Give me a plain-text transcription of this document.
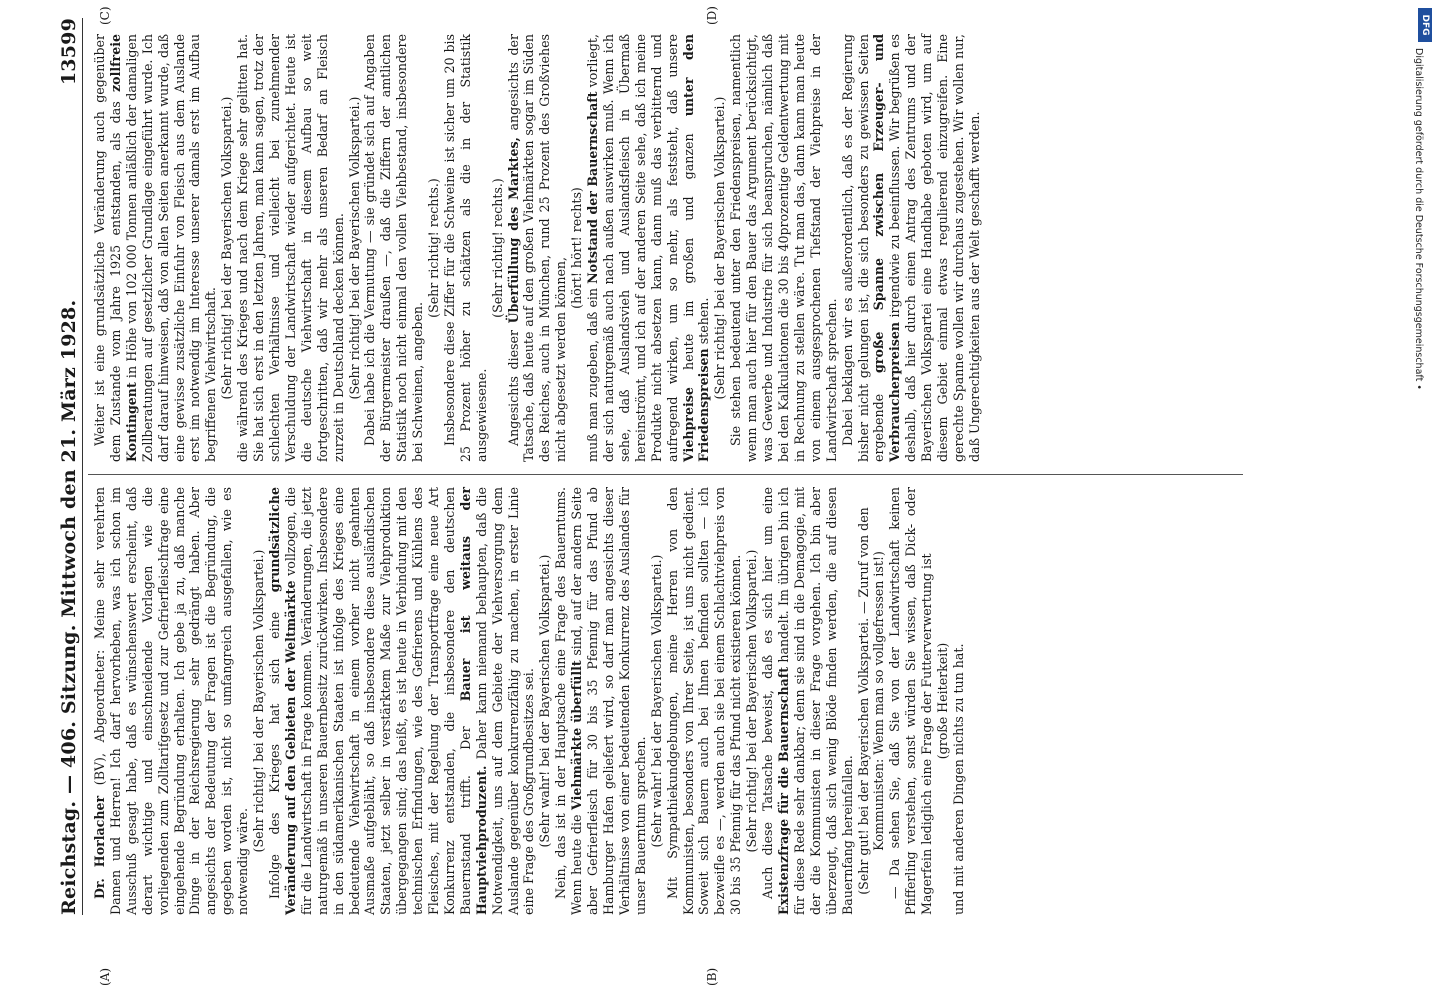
Reichstag. — 406. Sitzung. Mittwoch den 21. März 1928.
13599
(A)	(B)
(C)	(D)

Dr. Horlacher (BV), Abgeordneter: Meine sehr verehrten Damen und Herren! Ich darf hervorheben, was ich schon im Ausschuß gesagt habe, daß es wünschenswert erscheint, daß derart wichtige und einschneidende Vorlagen wie die vorliegenden zum Zolltarifgesetz und zur Gefrierfleischfrage eine eingehende Begründung erhalten. Ich gebe ja zu, daß manche Dinge in der Reichsregierung sehr gedrängt haben. Aber angesichts der Bedeutung der Fragen ist die Begründung, die gegeben worden ist, nicht so umfangreich ausgefallen, wie es notwendig wäre.

(Sehr richtig! bei der Bayerischen Volkspartei.) Infolge des Krieges hat sich eine grundsätzliche Veränderung auf den Gebieten der Weltmärkte vollzogen, die für die Landwirtschaft in Frage kommen. Veränderungen, die jetzt naturgemäß in unseren Bauernbesitz zurückwirken. Insbesondere in den südamerikanischen Staaten ist infolge des Krieges eine bedeutende Viehwirtschaft in einem vorher nicht geahnten Ausmaße aufgebläht, so daß insbesondere diese ausländischen Staaten, jetzt selber in verstärktem Maße zur Viehproduktion übergegangen sind; das heißt, es ist heute in Verbindung mit den technischen Erfindungen, wie des Gefrierens und Kühlens des Fleisches, mit der Regelung der Transportfrage eine neue Art Konkurrenz entstanden, die insbesondere den deutschen Bauernstand trifft. Der Bauer ist weitaus der Hauptviehproduzent. Daher kann niemand behaupten, daß die Notwendigkeit, uns auf dem Gebiete der Viehversorgung dem Auslande gegenüber konkurrenzfähig zu machen, in erster Linie eine Frage des Großgrundbesitzes sei. (Sehr wahr! bei der Bayerischen Volkspartei.) Nein, das ist in der Hauptsache eine Frage des Bauerntums. Wenn heute die Viehmärkte überfüllt sind, auf der andern Seite aber Gefrierfleisch für 30 bis 35 Pfennig für das Pfund ab Hamburger Hafen geliefert wird, so darf man angesichts dieser Verhältnisse von einer bedeutenden Konkurrenz des Auslandes für unser Bauerntum sprechen. (Sehr wahr! bei der Bayerischen Volkspartei.) Mit Sympathiekundgebungen, meine Herren von den Kommunisten, besonders von Ihrer Seite, ist uns nicht gedient. Soweit sich Bauern auch bei Ihnen befinden sollten — ich bezweifle es —, werden auch sie bei einem Schlachtviehpreis von 30 bis 35 Pfennig für das Pfund nicht existieren können. (Sehr richtig! bei der Bayerischen Volkspartei.) Auch diese Tatsache beweist, daß es sich hier um eine Existenzfrage für die Bauernschaft handelt. Im übrigen bin ich für diese Rede sehr dankbar; denn sie sind in die Demagogie, mit der die Kommunisten in dieser Frage vorgehen. Ich bin aber überzeugt, daß sich wenig Blöde finden werden, die auf diesen Bauernfang hereinfallen. (Sehr gut! bei der Bayerischen Volkspartei. — Zuruf von den Kommunisten: Wenn man so vollgefressen ist!) — Da sehen Sie, daß Sie von der Landwirtschaft keinen Pfifferling verstehen, sonst würden Sie wissen, daß Dick- oder Magerfein lediglich eine Frage der Futterverwertung ist (große Heiterkeit) und mit anderen Dingen nichts zu tun hat.

Weiter ist eine grundsätzliche Veränderung auch gegenüber dem Zustande vom Jahre 1925 entstanden, als das zollfreie Kontingent in Höhe von 102 000 Tonnen anläßlich der damaligen Zollberatungen auf gesetzlicher Grundlage eingeführt wurde. Ich darf darauf hinweisen, daß von allen Seiten anerkannt wurde, daß eine gewisse zusätzliche Einfuhr von Fleisch aus dem Auslande erst im notwendig im Interesse unserer damals erst im Aufbau begriffenen Viehwirtschaft. (Sehr richtig! bei der Bayerischen Volkspartei.) die während des Krieges und nach dem Kriege sehr gelitten hat. Sie hat sich erst in den letzten Jahren, man kann sagen, trotz der schlechten Verhältnisse und vielleicht bei zunehmender Verschuldung der Landwirtschaft wieder aufgerichtet. Heute ist die deutsche Viehwirtschaft in diesem Aufbau so weit fortgeschritten, daß wir mehr als unseren Bedarf an Fleisch zurzeit in Deutschland decken können. (Sehr richtig! bei der Bayerischen Volkspartei.) Dabei habe ich die Vermutung — sie gründet sich auf Angaben der Bürgermeister draußen —, daß die Ziffern der amtlichen Statistik noch nicht einmal den vollen Viehbestand, insbesondere bei Schweinen, angeben.

(Sehr richtig! rechts.) Insbesondere diese Ziffer für die Schweine ist sicher um 20 bis 25 Prozent höher zu schätzen als die in der Statistik ausgewiesene.

(Sehr richtig! rechts.)

Angesichts dieser Überfüllung des Marktes, angesichts der Tatsache, daß heute auf den großen Viehmärkten sogar im Süden des Reiches, auch in München, rund 25 Prozent des Großviehes nicht abgesetzt werden können,

(hört! hört! rechts)

muß man zugeben, daß ein Notstand der Bauernschaft vorliegt, der sich naturgemäß auch nach außen auswirken muß. Wenn ich sehe, daß Auslandsvieh und Auslandsfleisch in Übermaß hereinströmt, und ich auf der anderen Seite sehe, daß ich meine Produkte nicht absetzen kann, dann muß das verbitternd und aufregend wirken, um so mehr, als feststeht, daß unsere Viehpreise heute im großen und ganzen unter den Friedenspreisen stehen. (Sehr richtig! bei der Bayerischen Volkspartei.) Sie stehen bedeutend unter den Friedenspreisen, namentlich wenn man auch hier für den Bauer das Argument berücksichtigt, was Gewerbe und Industrie für sich beanspruchen, nämlich daß bei den Kalkulationen die 30 bis 40prozentige Geldentwertung mit in Rechnung zu stellen wäre. Tut man das, dann kann man heute von einem ausgesprochenen Tiefstand der Viehpreise in der Landwirtschaft sprechen. Dabei beklagen wir es außerordentlich, daß es der Regierung bisher nicht gelungen ist, die sich besonders zu gewissen Seiten ergebende große Spanne zwischen Erzeuger- und Verbraucherpreisen irgendwie zu beeinflussen. Wir begrüßen es deshalb, daß hier durch einen Antrag des Zentrums und der Bayerischen Volkspartei eine Handhabe geboten wird, um auf diesem Gebiet einmal etwas regulierend einzugreifen. Eine gerechte Spanne wollen wir durchaus zugestehen. Wir wollen nur, daß Ungerechtigkeiten aus der Welt geschafft werden.

DFG
Digitalisierung gefördert durch die Deutsche Forschungsgemeinschaft •
